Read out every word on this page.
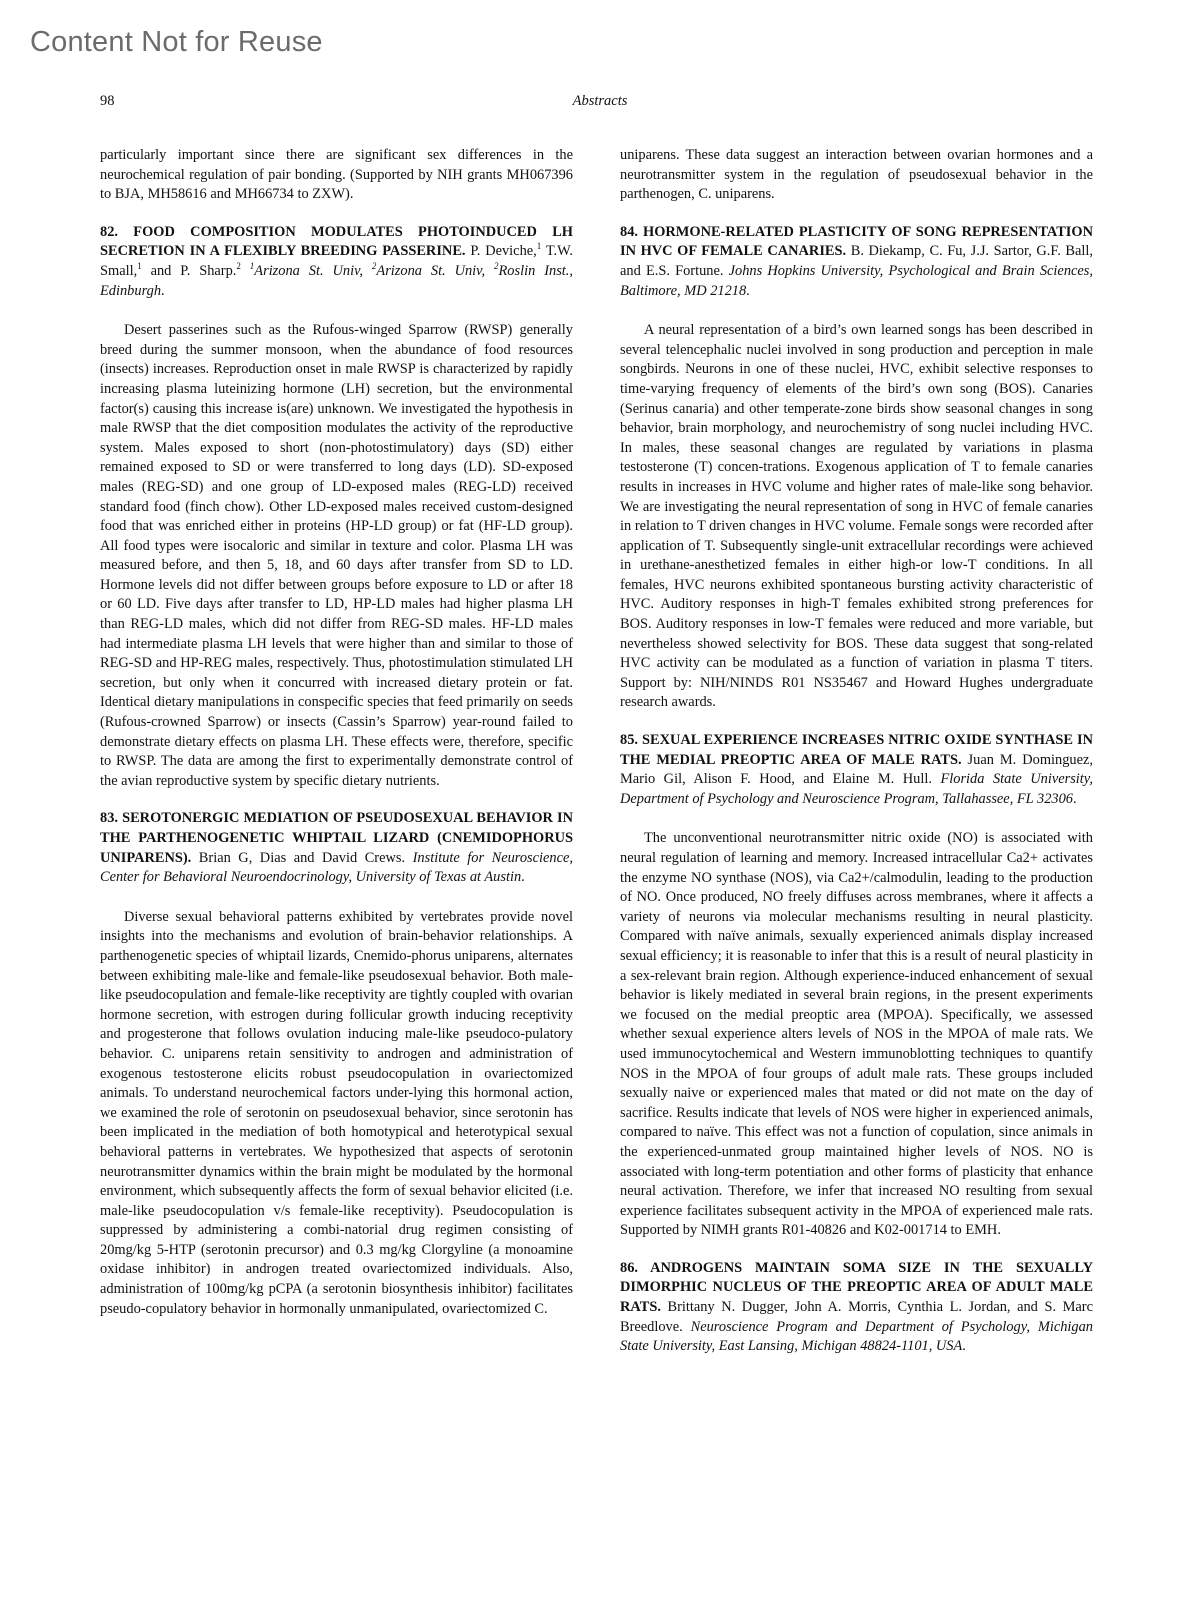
Content Not for Reuse
98	Abstracts

particularly important since there are significant sex differences in the neurochemical regulation of pair bonding. (Supported by NIH grants MH067396 to BJA, MH58616 and MH66734 to ZXW).

82. FOOD COMPOSITION MODULATES PHOTOINDUCED LH SECRETION IN A FLEXIBLY BREEDING PASSERINE. P. Deviche,$^1$ T.W. Small,$^1$ and P. Sharp.$^2$ $^1$Arizona St. Univ, $^2$Arizona St. Univ, $^2$Roslin Inst., Edinburgh.

Desert passerines such as the Rufous-winged Sparrow (RWSP) generally breed during the summer monsoon, when the abundance of food resources (insects) increases. Reproduction onset in male RWSP is characterized by rapidly increasing plasma luteinizing hormone (LH) secretion, but the environmental factor(s) causing this increase is(are) unknown. We investigated the hypothesis in male RWSP that the diet composition modulates the activity of the reproductive system. Males exposed to short (non-photostimulatory) days (SD) either remained exposed to SD or were transferred to long days (LD). SD-exposed males (REG-SD) and one group of LD-exposed males (REG-LD) received standard food (finch chow). Other LD-exposed males received custom-designed food that was enriched either in proteins (HP-LD group) or fat (HF-LD group). All food types were isocaloric and similar in texture and color. Plasma LH was measured before, and then 5, 18, and 60 days after transfer from SD to LD. Hormone levels did not differ between groups before exposure to LD or after 18 or 60 LD. Five days after transfer to LD, HP-LD males had higher plasma LH than REG-LD males, which did not differ from REG-SD males. HF-LD males had intermediate plasma LH levels that were higher than and similar to those of REG-SD and HP-REG males, respectively. Thus, photostimulation stimulated LH secretion, but only when it concurred with increased dietary protein or fat. Identical dietary manipulations in conspecific species that feed primarily on seeds (Rufous-crowned Sparrow) or insects (Cassin’s Sparrow) year-round failed to demonstrate dietary effects on plasma LH. These effects were, therefore, specific to RWSP. The data are among the first to experimentally demonstrate control of the avian reproductive system by specific dietary nutrients.

83. SEROTONERGIC MEDIATION OF PSEUDOSEXUAL BEHAVIOR IN THE PARTHENOGENETIC WHIPTAIL LIZARD (CNEMIDOPHORUS UNIPARENS). Brian G, Dias and David Crews. Institute for Neuroscience, Center for Behavioral Neuroendocrinology, University of Texas at Austin.

Diverse sexual behavioral patterns exhibited by vertebrates provide novel insights into the mechanisms and evolution of brain-behavior relationships. A parthenogenetic species of whiptail lizards, Cnemido-phorus uniparens, alternates between exhibiting male-like and female-like pseudosexual behavior. Both male-like pseudocopulation and female-like receptivity are tightly coupled with ovarian hormone secretion, with estrogen during follicular growth inducing receptivity and progesterone that follows ovulation inducing male-like pseudoco-pulatory behavior. C. uniparens retain sensitivity to androgen and administration of exogenous testosterone elicits robust pseudocopulation in ovariectomized animals. To understand neurochemical factors under-lying this hormonal action, we examined the role of serotonin on pseudosexual behavior, since serotonin has been implicated in the mediation of both homotypical and heterotypical sexual behavioral patterns in vertebrates. We hypothesized that aspects of serotonin neurotransmitter dynamics within the brain might be modulated by the hormonal environment, which subsequently affects the form of sexual behavior elicited (i.e. male-like pseudocopulation v/s female-like receptivity). Pseudocopulation is suppressed by administering a combi-natorial drug regimen consisting of 20mg/kg 5-HTP (serotonin precursor) and 0.3 mg/kg Clorgyline (a monoamine oxidase inhibitor) in androgen treated ovariectomized individuals. Also, administration of 100mg/kg pCPA (a serotonin biosynthesis inhibitor) facilitates pseudo-copulatory behavior in hormonally unmanipulated, ovariectomized C.

uniparens. These data suggest an interaction between ovarian hormones and a neurotransmitter system in the regulation of pseudosexual behavior in the parthenogen, C. uniparens.

84. HORMONE-RELATED PLASTICITY OF SONG REPRESENTATION IN HVC OF FEMALE CANARIES. B. Diekamp, C. Fu, J.J. Sartor, G.F. Ball, and E.S. Fortune. Johns Hopkins University, Psychological and Brain Sciences, Baltimore, MD 21218.

A neural representation of a bird’s own learned songs has been described in several telencephalic nuclei involved in song production and perception in male songbirds. Neurons in one of these nuclei, HVC, exhibit selective responses to time-varying frequency of elements of the bird’s own song (BOS). Canaries (Serinus canaria) and other temperate-zone birds show seasonal changes in song behavior, brain morphology, and neurochemistry of song nuclei including HVC. In males, these seasonal changes are regulated by variations in plasma testosterone (T) concen-trations. Exogenous application of T to female canaries results in increases in HVC volume and higher rates of male-like song behavior. We are investigating the neural representation of song in HVC of female canaries in relation to T driven changes in HVC volume. Female songs were recorded after application of T. Subsequently single-unit extracellular recordings were achieved in urethane-anesthetized females in either high-or low-T conditions. In all females, HVC neurons exhibited spontaneous bursting activity characteristic of HVC. Auditory responses in high-T females exhibited strong preferences for BOS. Auditory responses in low-T females were reduced and more variable, but nevertheless showed selectivity for BOS. These data suggest that song-related HVC activity can be modulated as a function of variation in plasma T titers. Support by: NIH/NINDS R01 NS35467 and Howard Hughes undergraduate research awards.

85. SEXUAL EXPERIENCE INCREASES NITRIC OXIDE SYNTHASE IN THE MEDIAL PREOPTIC AREA OF MALE RATS. Juan M. Dominguez, Mario Gil, Alison F. Hood, and Elaine M. Hull. Florida State University, Department of Psychology and Neuroscience Program, Tallahassee, FL 32306.

The unconventional neurotransmitter nitric oxide (NO) is associated with neural regulation of learning and memory. Increased intracellular Ca2+ activates the enzyme NO synthase (NOS), via Ca2+/calmodulin, leading to the production of NO. Once produced, NO freely diffuses across membranes, where it affects a variety of neurons via molecular mechanisms resulting in neural plasticity. Compared with naïve animals, sexually experienced animals display increased sexual efficiency; it is reasonable to infer that this is a result of neural plasticity in a sex-relevant brain region. Although experience-induced enhancement of sexual behavior is likely mediated in several brain regions, in the present experiments we focused on the medial preoptic area (MPOA). Specifically, we assessed whether sexual experience alters levels of NOS in the MPOA of male rats. We used immunocytochemical and Western immunoblotting techniques to quantify NOS in the MPOA of four groups of adult male rats. These groups included sexually naive or experienced males that mated or did not mate on the day of sacrifice. Results indicate that levels of NOS were higher in experienced animals, compared to naïve. This effect was not a function of copulation, since animals in the experienced-unmated group maintained higher levels of NOS. NO is associated with long-term potentiation and other forms of plasticity that enhance neural activation. Therefore, we infer that increased NO resulting from sexual experience facilitates subsequent activity in the MPOA of experienced male rats. Supported by NIMH grants R01-40826 and K02-001714 to EMH.

86. ANDROGENS MAINTAIN SOMA SIZE IN THE SEXUALLY DIMORPHIC NUCLEUS OF THE PREOPTIC AREA OF ADULT MALE RATS. Brittany N. Dugger, John A. Morris, Cynthia L. Jordan, and S. Marc Breedlove. Neuroscience Program and Department of Psychology, Michigan State University, East Lansing, Michigan 48824-1101, USA.
